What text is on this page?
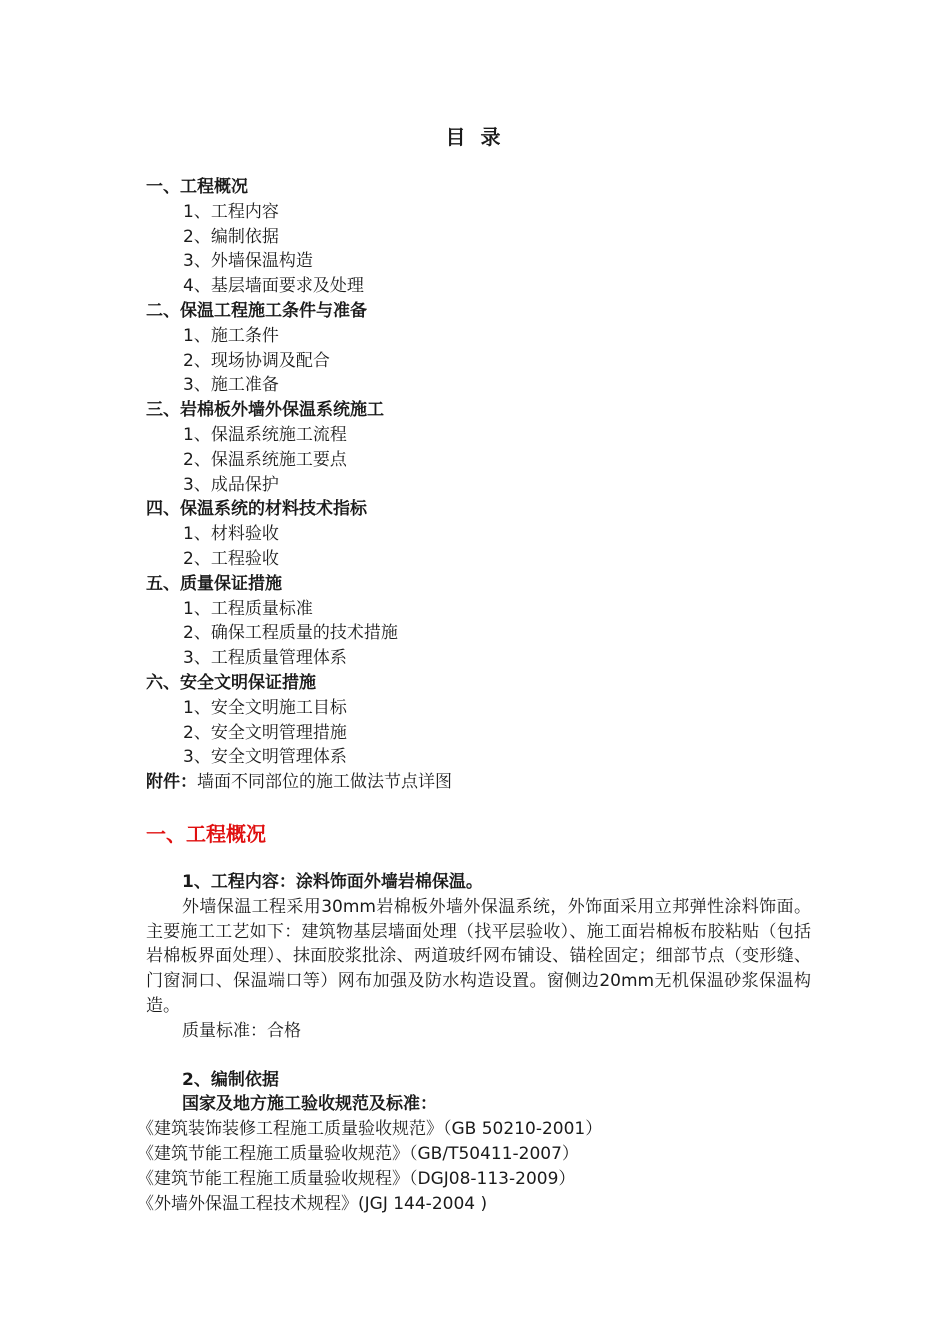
目 录
一、工程概况
1、工程内容
2、编制依据
3、外墙保温构造
4、基层墙面要求及处理
二、保温工程施工条件与准备
1、施工条件
2、现场协调及配合
3、施工准备
三、岩棉板外墙外保温系统施工
1、保温系统施工流程
2、保温系统施工要点
3、成品保护
四、保温系统的材料技术指标
1、材料验收
2、工程验收
五、质量保证措施
1、工程质量标准
2、确保工程质量的技术措施
3、工程质量管理体系
六、安全文明保证措施
1、安全文明施工目标
2、安全文明管理措施
3、安全文明管理体系
附件：墙面不同部位的施工做法节点详图
一、工程概况
1、工程内容：涂料饰面外墙岩棉保温。

外墙保温工程采用30mm岩棉板外墙外保温系统，外饰面采用立邦弹性涂料饰面。主要施工工艺如下：建筑物基层墙面处理（找平层验收）、施工面岩棉板布胶粘贴（包括岩棉板界面处理）、抹面胶浆批涂、两道玻纤网布铺设、锚栓固定；细部节点（变形缝、门窗洞口、保温端口等）网布加强及防水构造设置。窗侧边20mm无机保温砂浆保温构造。

质量标准：合格
2、编制依据
国家及地方施工验收规范及标准：
《建筑装饰装修工程施工质量验收规范》（GB 50210-2001）
《建筑节能工程施工质量验收规范》（GB/T50411-2007）
《建筑节能工程施工质量验收规程》（DGJ08-113-2009）
《外墙外保温工程技术规程》(JGJ 144-2004 )
